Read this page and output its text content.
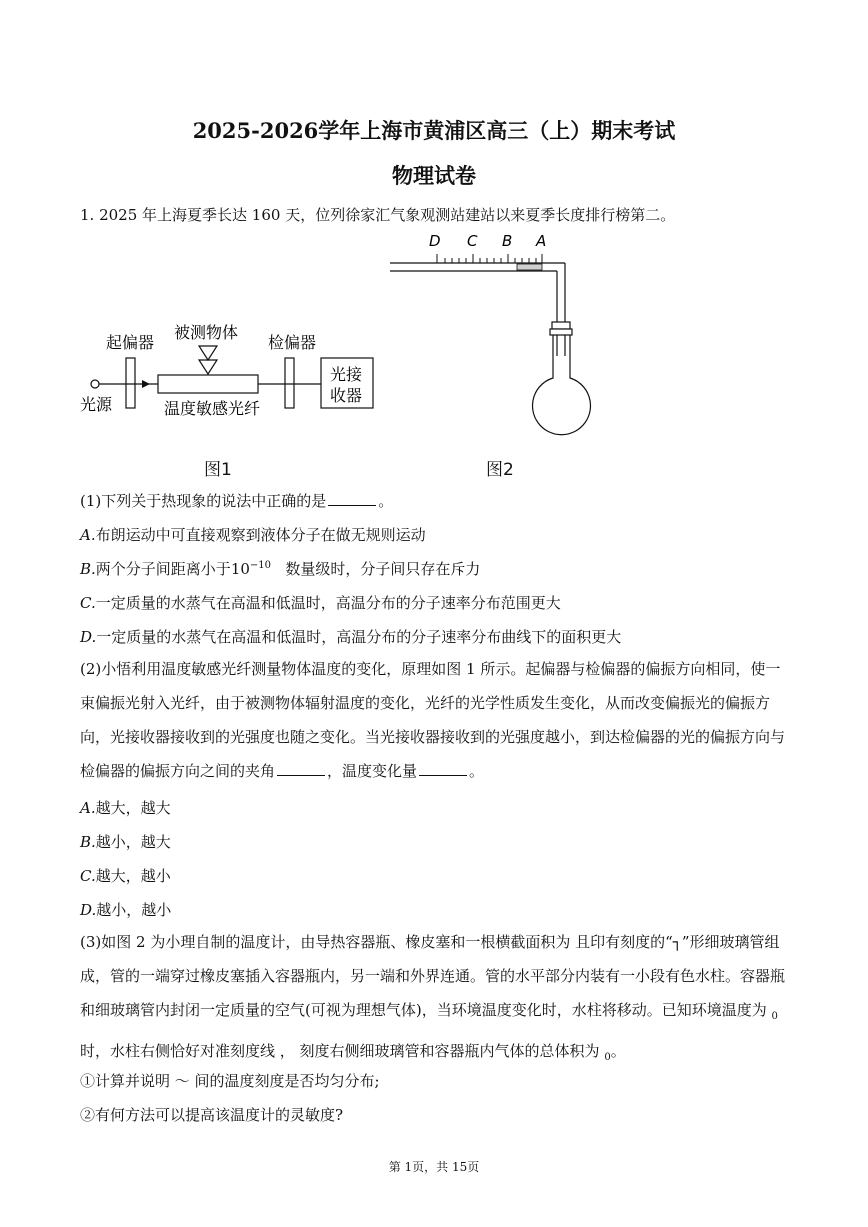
2025-2026学年上海市黄浦区高三（上）期末考试
物理试卷
1. 2025 年上海夏季长达 160 天，位列徐家汇气象观测站建站以来夏季长度排行榜第二。
起偏器
被测物体
检偏器
光源	温度敏感光纤
光接
收器
图1
D C B A
图2
(1)下列关于热现象的说法中正确的是	。
A.布朗运动中可直接观察到液体分子在做无规则运动
B.两个分子间距离小于$10^{-10}$ 数量级时，分子间只存在斥力
C.一定质量的水蒸气在高温和低温时，高温分布的分子速率分布范围更大
D.一定质量的水蒸气在高温和低温时，高温分布的分子速率分布曲线下的面积更大
(2)小悟利用温度敏感光纤测量物体温度的变化，原理如图 1 所示。起偏器与检偏器的偏振方向相同，使一束偏振光射入光纤，由于被测物体辐射温度的变化，光纤的光学性质发生变化，从而改变偏振光的偏振方向，光接收器接收到的光强度也随之变化。当光接收器接收到的光强度越小，到达检偏器的光的偏振方向与检偏器的偏振方向之间的夹角	，温度变化量	。
A.越大，越大
B.越小，越大
C.越大，越小
D.越小，越小
(3)如图 2 为小理自制的温度计，由导热容器瓶、橡皮塞和一根横截面积为 且印有刻度的“┐”形细玻璃管组成，管的一端穿过橡皮塞插入容器瓶内，另一端和外界连通。管的水平部分内装有一小段有色水柱。容器瓶和细玻璃管内封闭一定质量的空气(可视为理想气体)，当环境温度变化时，水柱将移动。已知环境温度为 $_0$时，水柱右侧恰好对准刻度线 ， 刻度右侧细玻璃管和容器瓶内气体的总体积为 $_0$。
①计算并说明 ～ 间的温度刻度是否均匀分布;
②有何方法可以提高该温度计的灵敏度?
第 1页，共 15页
